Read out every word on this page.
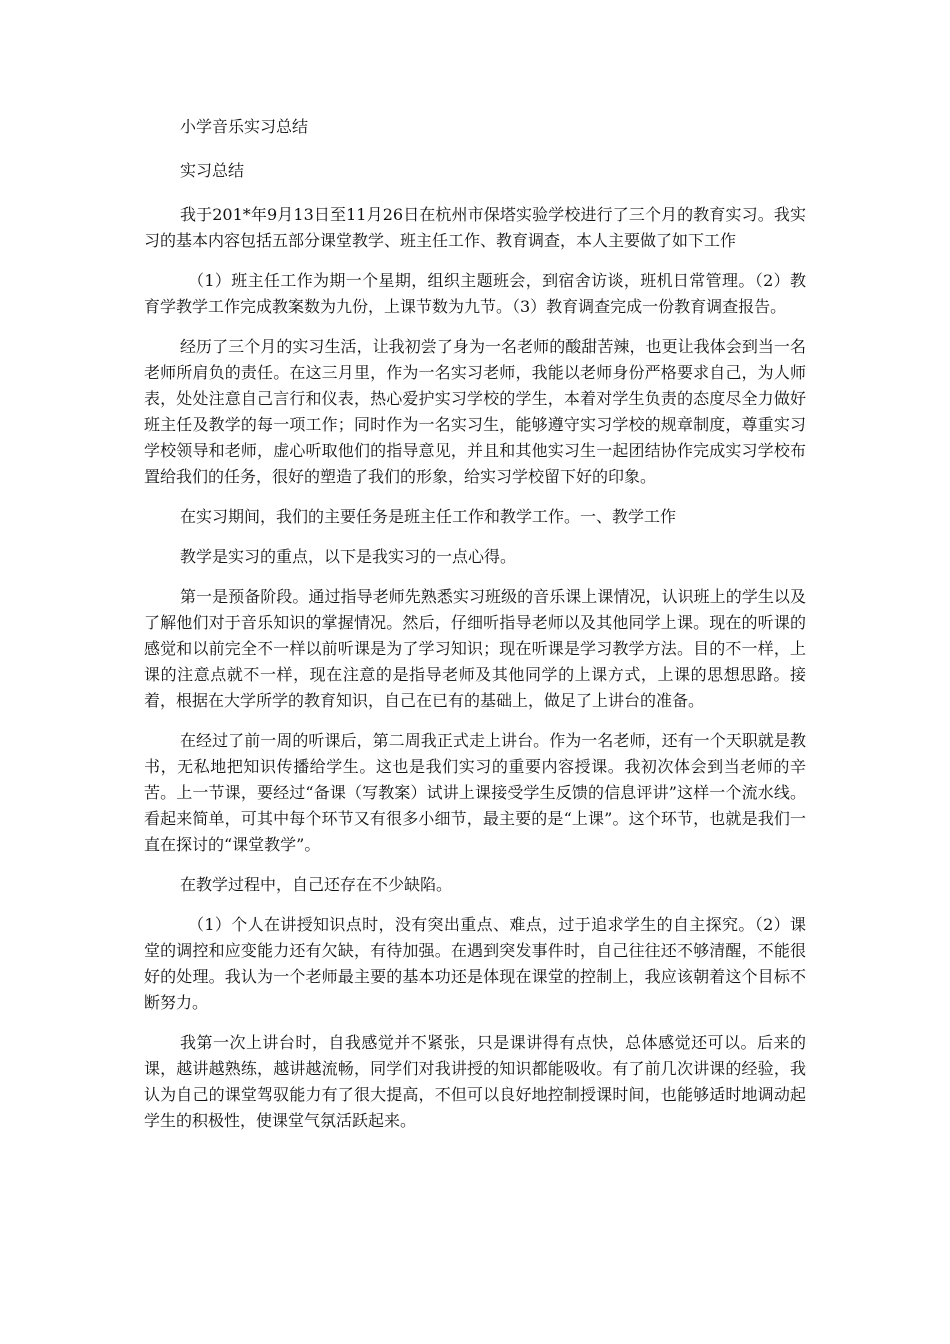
小学音乐实习总结

实习总结

我于201*年9月13日至11月26日在杭州市保塔实验学校进行了三个月的教育实习。我实习的基本内容包括五部分课堂教学、班主任工作、教育调查，本人主要做了如下工作

（1）班主任工作为期一个星期，组织主题班会，到宿舍访谈，班机日常管理。（2）教育学教学工作完成教案数为九份，上课节数为九节。（3）教育调查完成一份教育调查报告。

经历了三个月的实习生活，让我初尝了身为一名老师的酸甜苦辣，也更让我体会到当一名老师所肩负的责任。在这三月里，作为一名实习老师，我能以老师身份严格要求自己，为人师表，处处注意自己言行和仪表，热心爱护实习学校的学生，本着对学生负责的态度尽全力做好班主任及教学的每一项工作；同时作为一名实习生，能够遵守实习学校的规章制度，尊重实习学校领导和老师，虚心听取他们的指导意见，并且和其他实习生一起团结协作完成实习学校布置给我们的任务，很好的塑造了我们的形象，给实习学校留下好的印象。

在实习期间，我们的主要任务是班主任工作和教学工作。一、教学工作

教学是实习的重点，以下是我实习的一点心得。

第一是预备阶段。通过指导老师先熟悉实习班级的音乐课上课情况，认识班上的学生以及了解他们对于音乐知识的掌握情况。然后，仔细听指导老师以及其他同学上课。现在的听课的感觉和以前完全不一样以前听课是为了学习知识；现在听课是学习教学方法。目的不一样，上课的注意点就不一样，现在注意的是指导老师及其他同学的上课方式，上课的思想思路。接着，根据在大学所学的教育知识，自己在已有的基础上，做足了上讲台的准备。

在经过了前一周的听课后，第二周我正式走上讲台。作为一名老师，还有一个天职就是教书，无私地把知识传播给学生。这也是我们实习的重要内容授课。我初次体会到当老师的辛苦。上一节课，要经过“备课（写教案）试讲上课接受学生反馈的信息评讲”这样一个流水线。看起来简单，可其中每个环节又有很多小细节，最主要的是“上课”。这个环节，也就是我们一直在探讨的“课堂教学”。

在教学过程中，自己还存在不少缺陷。

（1）个人在讲授知识点时，没有突出重点、难点，过于追求学生的自主探究。（2）课堂的调控和应变能力还有欠缺，有待加强。在遇到突发事件时，自己往往还不够清醒，不能很好的处理。我认为一个老师最主要的基本功还是体现在课堂的控制上，我应该朝着这个目标不断努力。

我第一次上讲台时，自我感觉并不紧张，只是课讲得有点快，总体感觉还可以。后来的课，越讲越熟练，越讲越流畅，同学们对我讲授的知识都能吸收。有了前几次讲课的经验，我认为自己的课堂驾驭能力有了很大提高，不但可以良好地控制授课时间，也能够适时地调动起学生的积极性，使课堂气氛活跃起来。
